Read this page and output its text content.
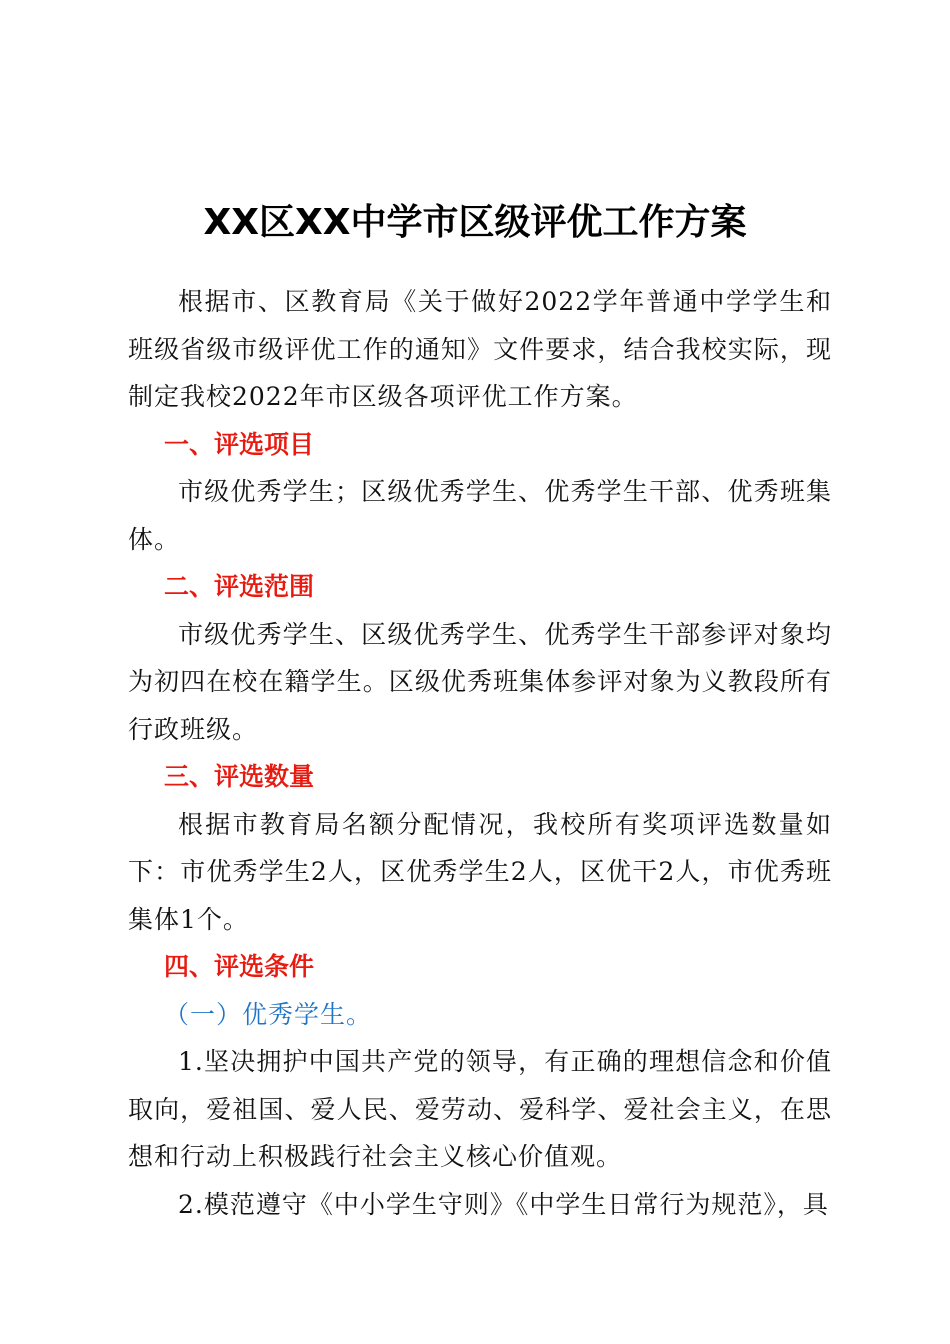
XX区XX中学市区级评优工作方案

根据市、区教育局《关于做好2022学年普通中学学生和班级省级市级评优工作的通知》文件要求，结合我校实际，现制定我校2022年市区级各项评优工作方案。

一、评选项目

市级优秀学生；区级优秀学生、优秀学生干部、优秀班集体。

二、评选范围

市级优秀学生、区级优秀学生、优秀学生干部参评对象均为初四在校在籍学生。区级优秀班集体参评对象为义教段所有行政班级。

三、评选数量

根据市教育局名额分配情况，我校所有奖项评选数量如下：市优秀学生2人，区优秀学生2人，区优干2人，市优秀班集体1个。

四、评选条件

（一）优秀学生。

1.坚决拥护中国共产党的领导，有正确的理想信念和价值取向，爱祖国、爱人民、爱劳动、爱科学、爱社会主义，在思想和行动上积极践行社会主义核心价值观。

2.模范遵守《中小学生守则》《中学生日常行为规范》，具
